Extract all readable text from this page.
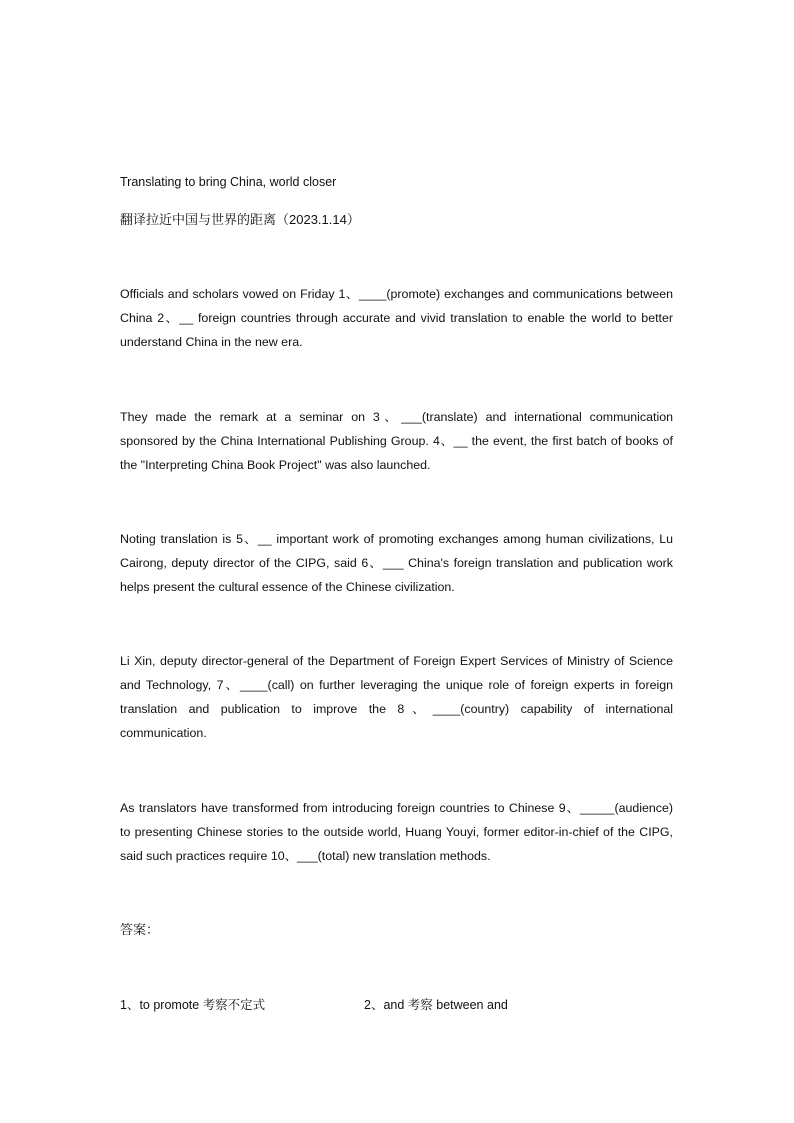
Translating to bring China, world closer
翻译拉近中国与世界的距离（2023.1.14）
Officials and scholars vowed on Friday 1、____(promote) exchanges and communications between China 2、__ foreign countries through accurate and vivid translation to enable the world to better understand China in the new era.
They made the remark at a seminar on 3、___(translate) and international communication sponsored by the China International Publishing Group. 4、__ the event, the first batch of books of the "Interpreting China Book Project" was also launched.
Noting translation is 5、__ important work of promoting exchanges among human civilizations, Lu Cairong, deputy director of the CIPG, said 6、___ China's foreign translation and publication work helps present the cultural essence of the Chinese civilization.
Li Xin, deputy director-general of the Department of Foreign Expert Services of Ministry of Science and Technology, 7、____(call) on further leveraging the unique role of foreign experts in foreign translation and publication to improve the 8、____(country) capability of international communication.
As translators have transformed from introducing foreign countries to Chinese 9、_____(audience) to presenting Chinese stories to the outside world, Huang Youyi, former editor-in-chief of the CIPG, said such practices require 10、___(total) new translation methods.
答案：
1、to promote 考察不定式	2、and 考察 between and
